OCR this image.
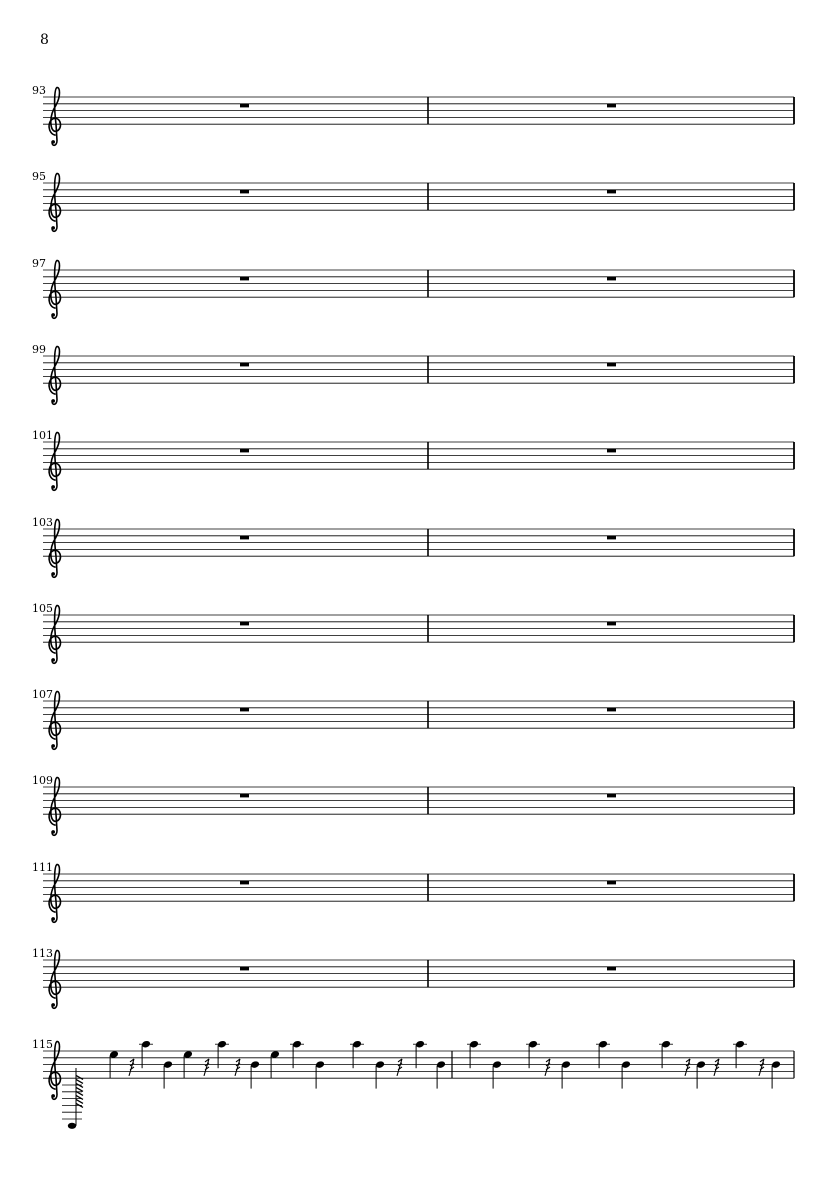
8
93
95
97
99
101
103
105
107
109
111
113
115
